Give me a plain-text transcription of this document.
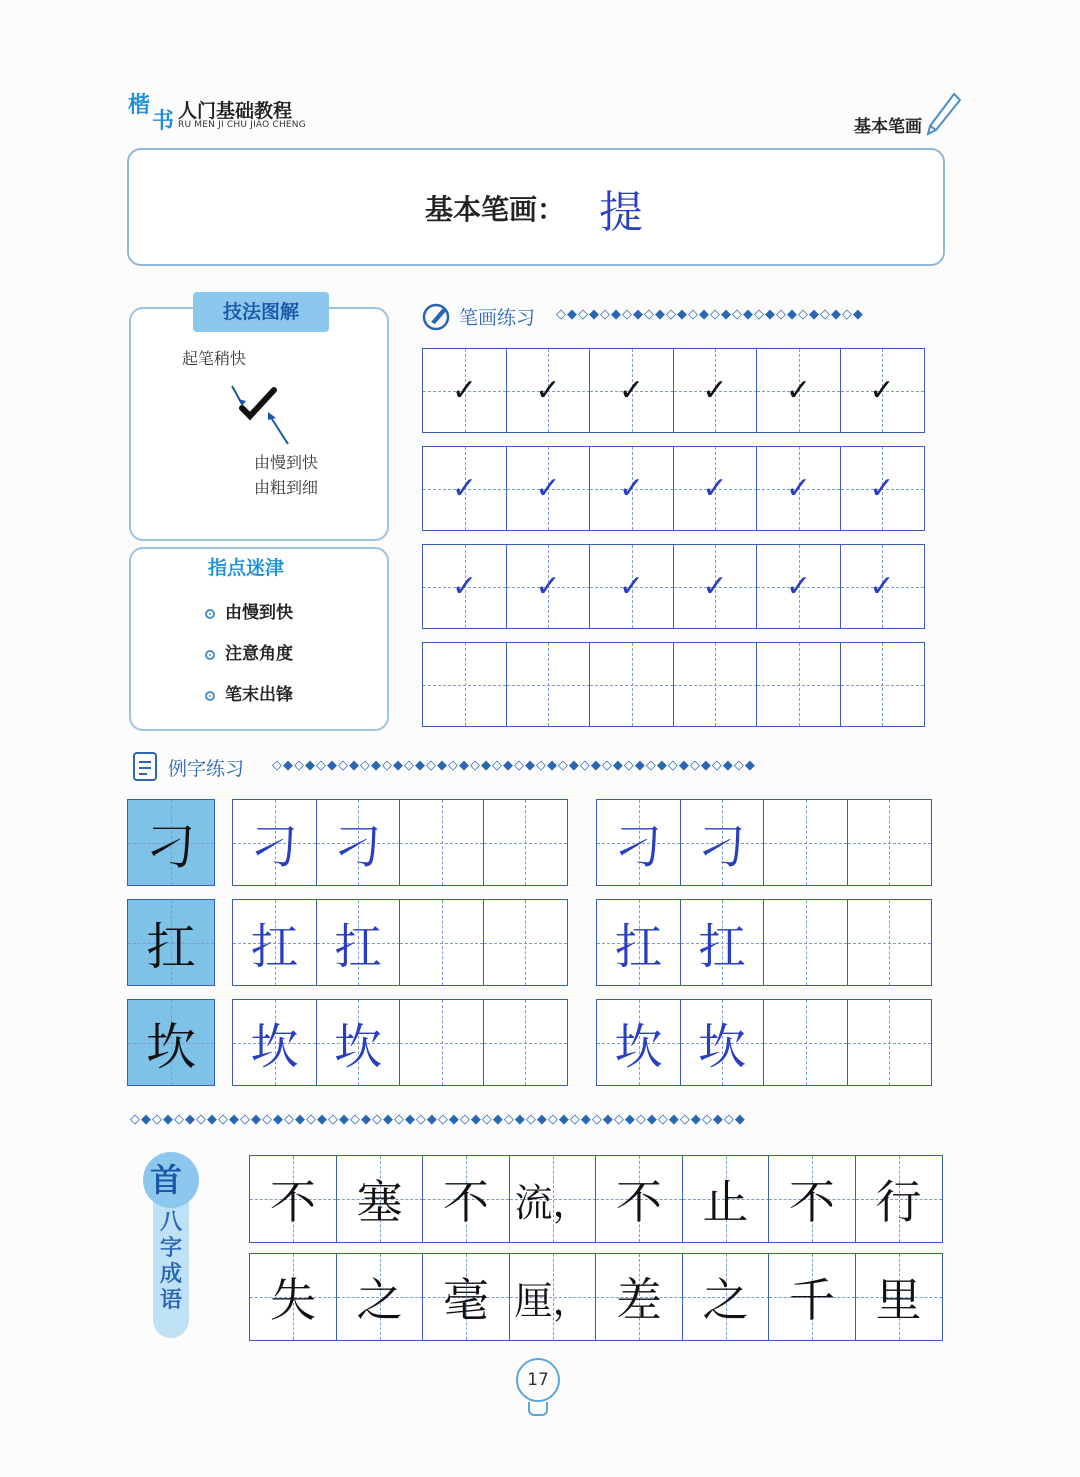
楷
书 人门基础教程
RU MEN JI CHU JIAO CHENG	基本笔画
基本笔画： 提
技法图解
起笔稍快
由慢到快
由粗到细
指点迷津
由慢到快
注意角度
笔末出锋
笔画练习 ◇◆◇◆◇◆◇◆◇◆◇◆◇◆◇◆◇◆◇◆◇◆◇◆◇◆◇◆
✓ ✓ ✓ ✓ ✓ ✓
✓ ✓ ✓ ✓ ✓ ✓
✓ ✓ ✓ ✓ ✓ ✓
例字练习 ◇◆◇◆◇◆◇◆◇◆◇◆◇◆◇◆◇◆◇◆◇◆◇◆◇◆◇◆◇◆◇◆◇◆◇◆◇◆◇◆◇◆◇◆
刁 刁 刁	刁 刁
扛 扛 扛	扛 扛
坎 坎 坎	坎 坎
◇◆◇◆◇◆◇◆◇◆◇◆◇◆◇◆◇◆◇◆◇◆◇◆◇◆◇◆◇◆◇◆◇◆◇◆◇◆◇◆◇◆◇◆◇◆◇◆◇◆◇◆◇◆◇◆
首
八字成语
不 塞 不 流， 不 止 不 行
失 之 毫 厘， 差 之 千 里
17
